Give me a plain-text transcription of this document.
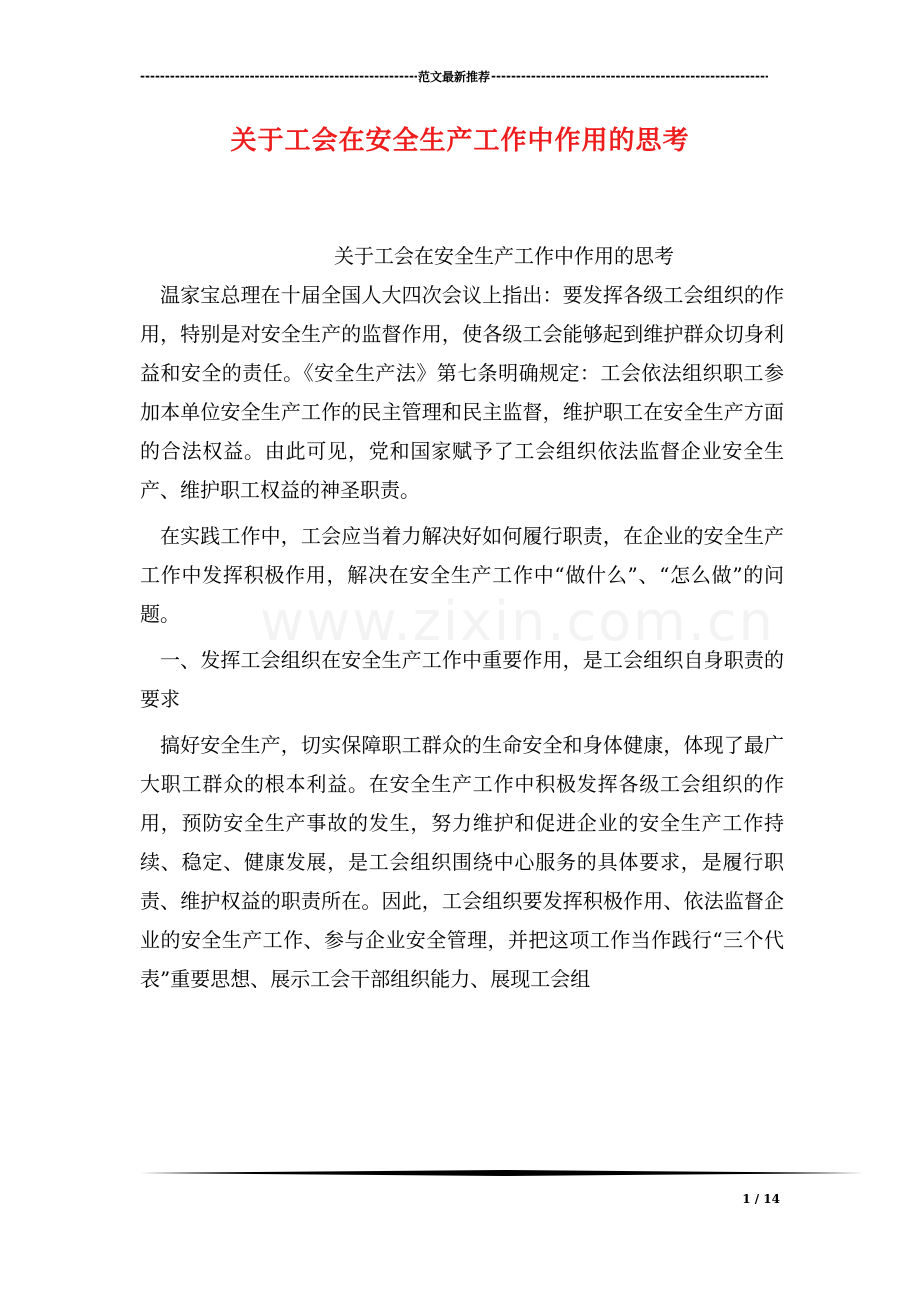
-----
范文最新推荐
-----
关于工会在安全生产工作中作用的思考
www.zixin.com.cn

关于工会在安全生产工作中作用的思考

温家宝总理在十届全国人大四次会议上指出：要发挥各级工会组织的作用，特别是对安全生产的监督作用，使各级工会能够起到维护群众切身利益和安全的责任。《安全生产法》第七条明确规定：工会依法组织职工参加本单位安全生产工作的民主管理和民主监督，维护职工在安全生产方面的合法权益。由此可见，党和国家赋予了工会组织依法监督企业安全生产、维护职工权益的神圣职责。

在实践工作中，工会应当着力解决好如何履行职责，在企业的安全生产工作中发挥积极作用，解决在安全生产工作中“做什么”、“怎么做”的问题。

一、发挥工会组织在安全生产工作中重要作用，是工会组织自身职责的要求

搞好安全生产，切实保障职工群众的生命安全和身体健康，体现了最广大职工群众的根本利益。在安全生产工作中积极发挥各级工会组织的作用，预防安全生产事故的发生，努力维护和促进企业的安全生产工作持续、稳定、健康发展，是工会组织围绕中心服务的具体要求，是履行职责、维护权益的职责所在。因此，工会组织要发挥积极作用、依法监督企业的安全生产工作、参与企业安全管理，并把这项工作当作践行“三个代表”重要思想、展示工会干部组织能力、展现工会组

1 / 14
